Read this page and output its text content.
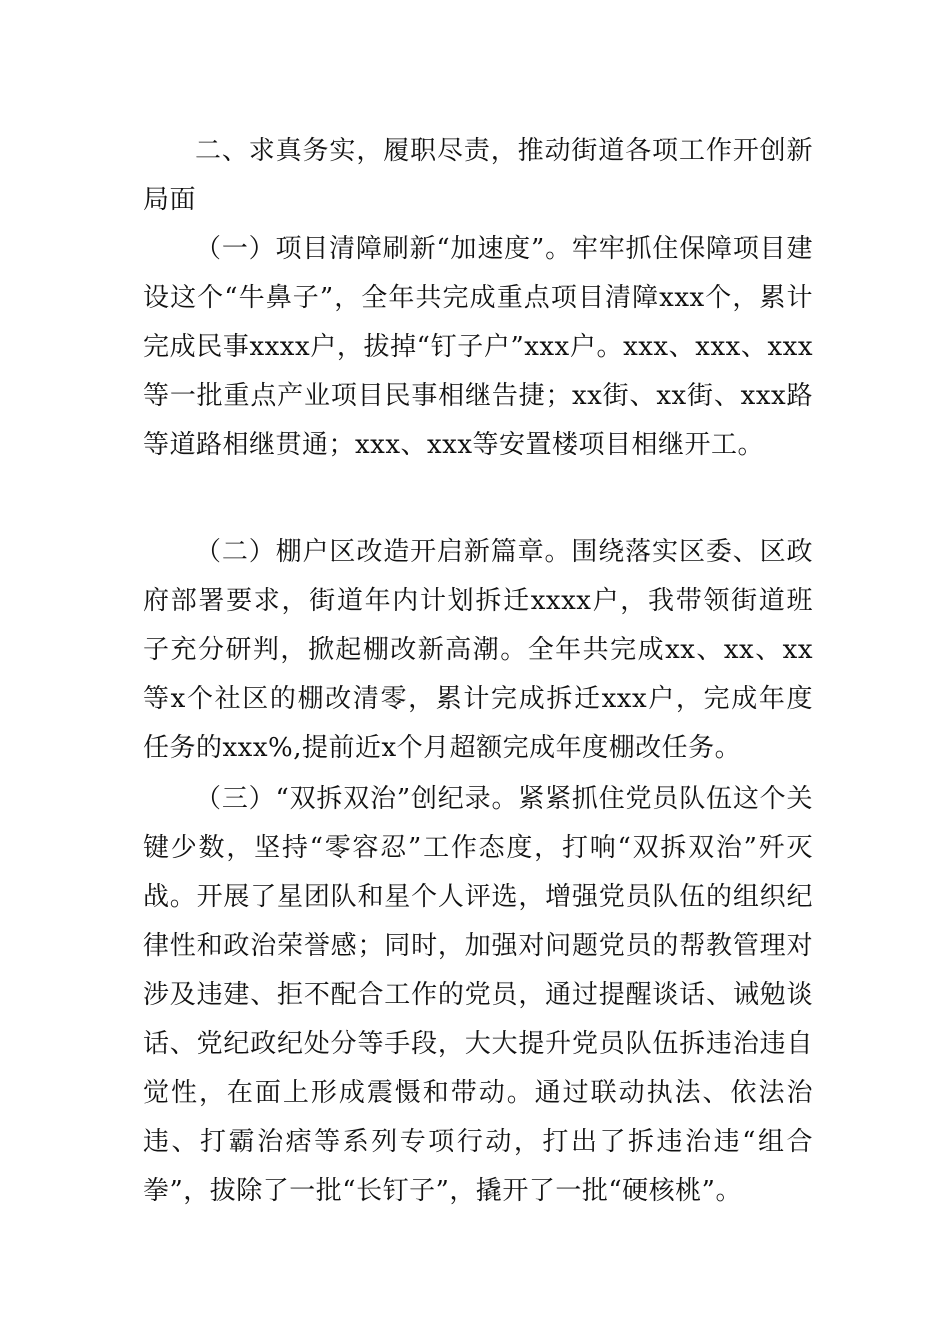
二、求真务实，履职尽责，推动街道各项工作开创新局面

（一）项目清障刷新“加速度”。牢牢抓住保障项目建设这个“牛鼻子”，全年共完成重点项目清障xxx个，累计完成民事xxxx户，拔掉“钉子户”xxx户。xxx、xxx、xxx等一批重点产业项目民事相继告捷；xx街、xx街、xxx路等道路相继贯通；xxx、xxx等安置楼项目相继开工。

（二）棚户区改造开启新篇章。围绕落实区委、区政府部署要求，街道年内计划拆迁xxxx户，我带领街道班子充分研判，掀起棚改新高潮。全年共完成xx、xx、xx等x个社区的棚改清零，累计完成拆迁xxx户，完成年度任务的xxx%,提前近x个月超额完成年度棚改任务。

（三）“双拆双治”创纪录。紧紧抓住党员队伍这个关键少数，坚持“零容忍”工作态度，打响“双拆双治”歼灭战。开展了星团队和星个人评选，增强党员队伍的组织纪律性和政治荣誉感；同时，加强对问题党员的帮教管理对涉及违建、拒不配合工作的党员，通过提醒谈话、诫勉谈话、党纪政纪处分等手段，大大提升党员队伍拆违治违自觉性，在面上形成震慑和带动。通过联动执法、依法治违、打霸治痞等系列专项行动，打出了拆违治违“组合拳”，拔除了一批“长钉子”，撬开了一批“硬核桃”。
